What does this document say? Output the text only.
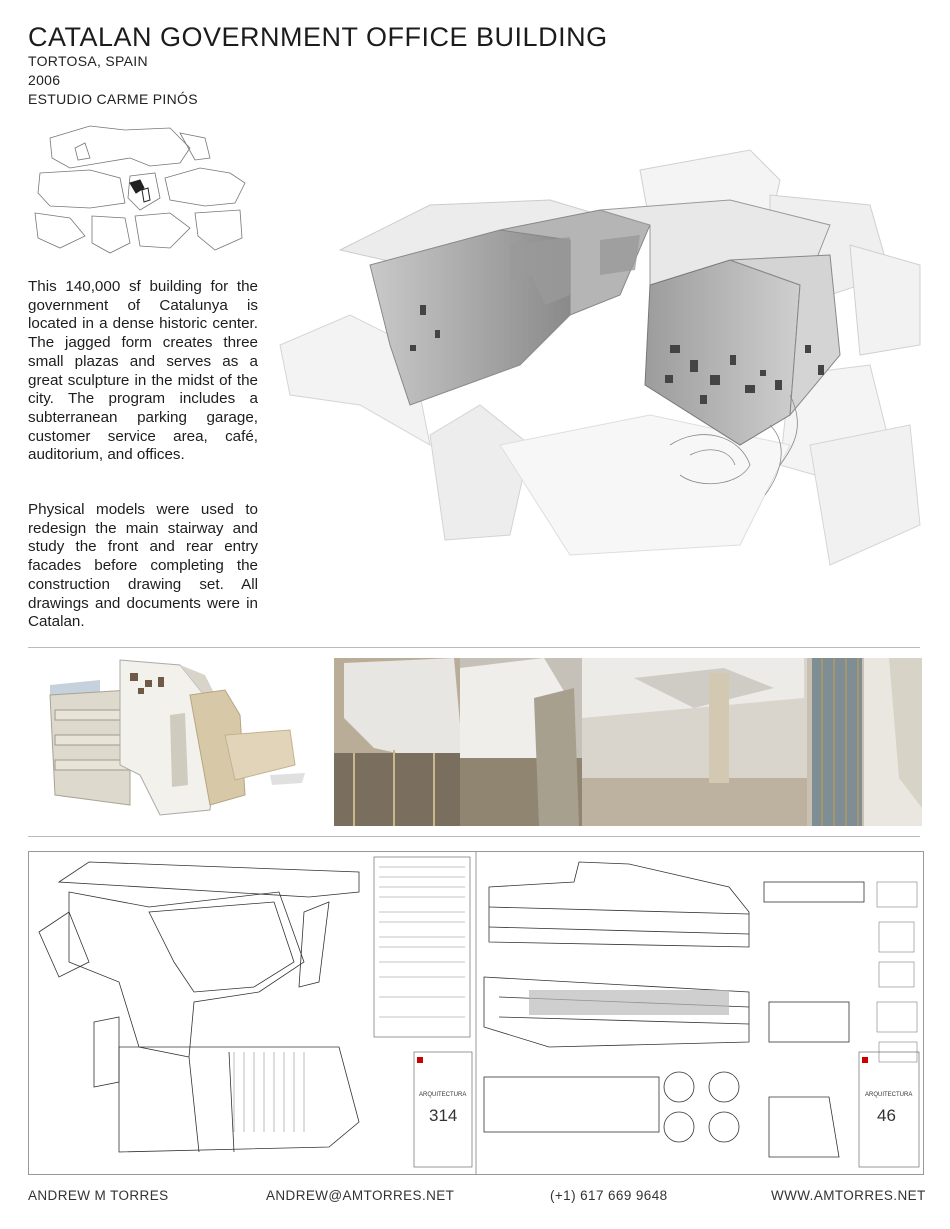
CATALAN GOVERNMENT OFFICE BUILDING
TORTOSA, SPAIN
2006
ESTUDIO CARME PINÓS

This 140,000 sf building for the government of Catalunya is located in a dense historic center. The jagged form creates three small plazas and serves as a great sculpture in the midst of the city. The program includes a subterranean parking garage, customer service area, café, auditorium, and offices.

Physical models were used to redesign the main stairway and study the front and rear entry facades before completing the construction drawing set. All drawings and documents were in Catalan.

ARQUITECTURA
314
ARQUITECTURA
46
ANDREW M TORRES	ANDREW@AMTORRES.NET	(+1) 617 669 9648	WWW.AMTORRES.NET
